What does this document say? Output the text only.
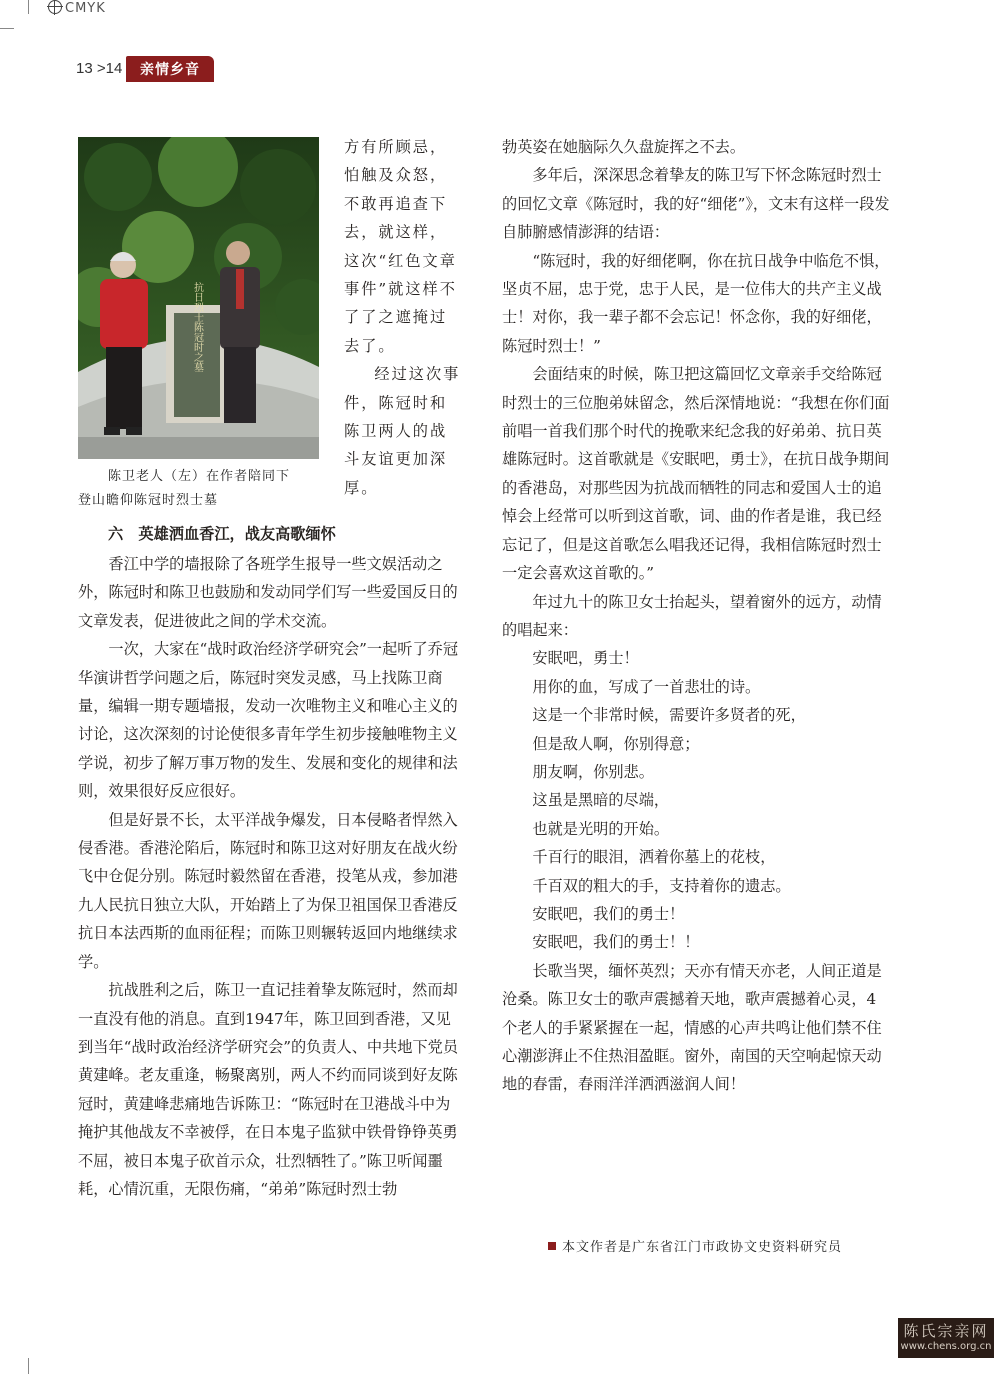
CMYK
13 >14	亲情乡音
抗日烈士陈冠时之墓
陈卫老人（左）在作者陪同下
登山瞻仰陈冠时烈士墓

方有所顾忌，怕触及众怒，不敢再追查下去，就这样，这次“红色文章事件”就这样不了了之遮掩过去了。

经过这次事件，陈冠时和陈卫两人的战斗友谊更加深厚。

六　英雄洒血香江，战友高歌缅怀

香江中学的墙报除了各班学生报导一些文娱活动之外，陈冠时和陈卫也鼓励和发动同学们写一些爱国反日的文章发表，促进彼此之间的学术交流。

一次，大家在“战时政治经济学研究会”一起听了乔冠华演讲哲学问题之后，陈冠时突发灵感，马上找陈卫商量，编辑一期专题墙报，发动一次唯物主义和唯心主义的讨论，这次深刻的讨论使很多青年学生初步接触唯物主义学说，初步了解万事万物的发生、发展和变化的规律和法则，效果很好反应很好。

但是好景不长，太平洋战争爆发，日本侵略者悍然入侵香港。香港沦陷后，陈冠时和陈卫这对好朋友在战火纷飞中仓促分别。陈冠时毅然留在香港，投笔从戎，参加港九人民抗日独立大队，开始踏上了为保卫祖国保卫香港反抗日本法西斯的血雨征程；而陈卫则辗转返回内地继续求学。

抗战胜利之后，陈卫一直记挂着挚友陈冠时，然而却一直没有他的消息。直到1947年，陈卫回到香港，又见到当年“战时政治经济学研究会”的负责人、中共地下党员黄建峰。老友重逢，畅聚离别，两人不约而同谈到好友陈冠时，黄建峰悲痛地告诉陈卫：“陈冠时在卫港战斗中为掩护其他战友不幸被俘，在日本鬼子监狱中铁骨铮铮英勇不屈，被日本鬼子砍首示众，壮烈牺牲了。”陈卫听闻噩耗，心情沉重，无限伤痛，“弟弟”陈冠时烈士勃

勃英姿在她脑际久久盘旋挥之不去。

多年后，深深思念着挚友的陈卫写下怀念陈冠时烈士的回忆文章《陈冠时，我的好“细佬”》，文末有这样一段发自肺腑感情澎湃的结语：

“陈冠时，我的好细佬啊，你在抗日战争中临危不惧，坚贞不屈，忠于党，忠于人民，是一位伟大的共产主义战士！对你，我一辈子都不会忘记！怀念你，我的好细佬，陈冠时烈士！”

会面结束的时候，陈卫把这篇回忆文章亲手交给陈冠时烈士的三位胞弟妹留念，然后深情地说：“我想在你们面前唱一首我们那个时代的挽歌来纪念我的好弟弟、抗日英雄陈冠时。这首歌就是《安眠吧，勇士》，在抗日战争期间的香港岛，对那些因为抗战而牺牲的同志和爱国人士的追悼会上经常可以听到这首歌，词、曲的作者是谁，我已经忘记了，但是这首歌怎么唱我还记得，我相信陈冠时烈士一定会喜欢这首歌的。”

年过九十的陈卫女士抬起头，望着窗外的远方，动情的唱起来：

安眠吧，勇士！

用你的血，写成了一首悲壮的诗。

这是一个非常时候，需要许多贤者的死，

但是敌人啊，你别得意；

朋友啊，你别悲。

这虽是黑暗的尽端，

也就是光明的开始。

千百行的眼泪，洒着你墓上的花枝，

千百双的粗大的手，支持着你的遗志。

安眠吧，我们的勇士！

安眠吧，我们的勇士！！

长歌当哭，缅怀英烈；天亦有情天亦老，人间正道是沧桑。陈卫女士的歌声震撼着天地，歌声震撼着心灵，4个老人的手紧紧握在一起，情感的心声共鸣让他们禁不住心潮澎湃止不住热泪盈眶。窗外，南国的天空响起惊天动地的春雷，春雨洋洋洒洒滋润人间！

本文作者是广东省江门市政协文史资料研究员
陈氏宗亲网
www.chens.org.cn
